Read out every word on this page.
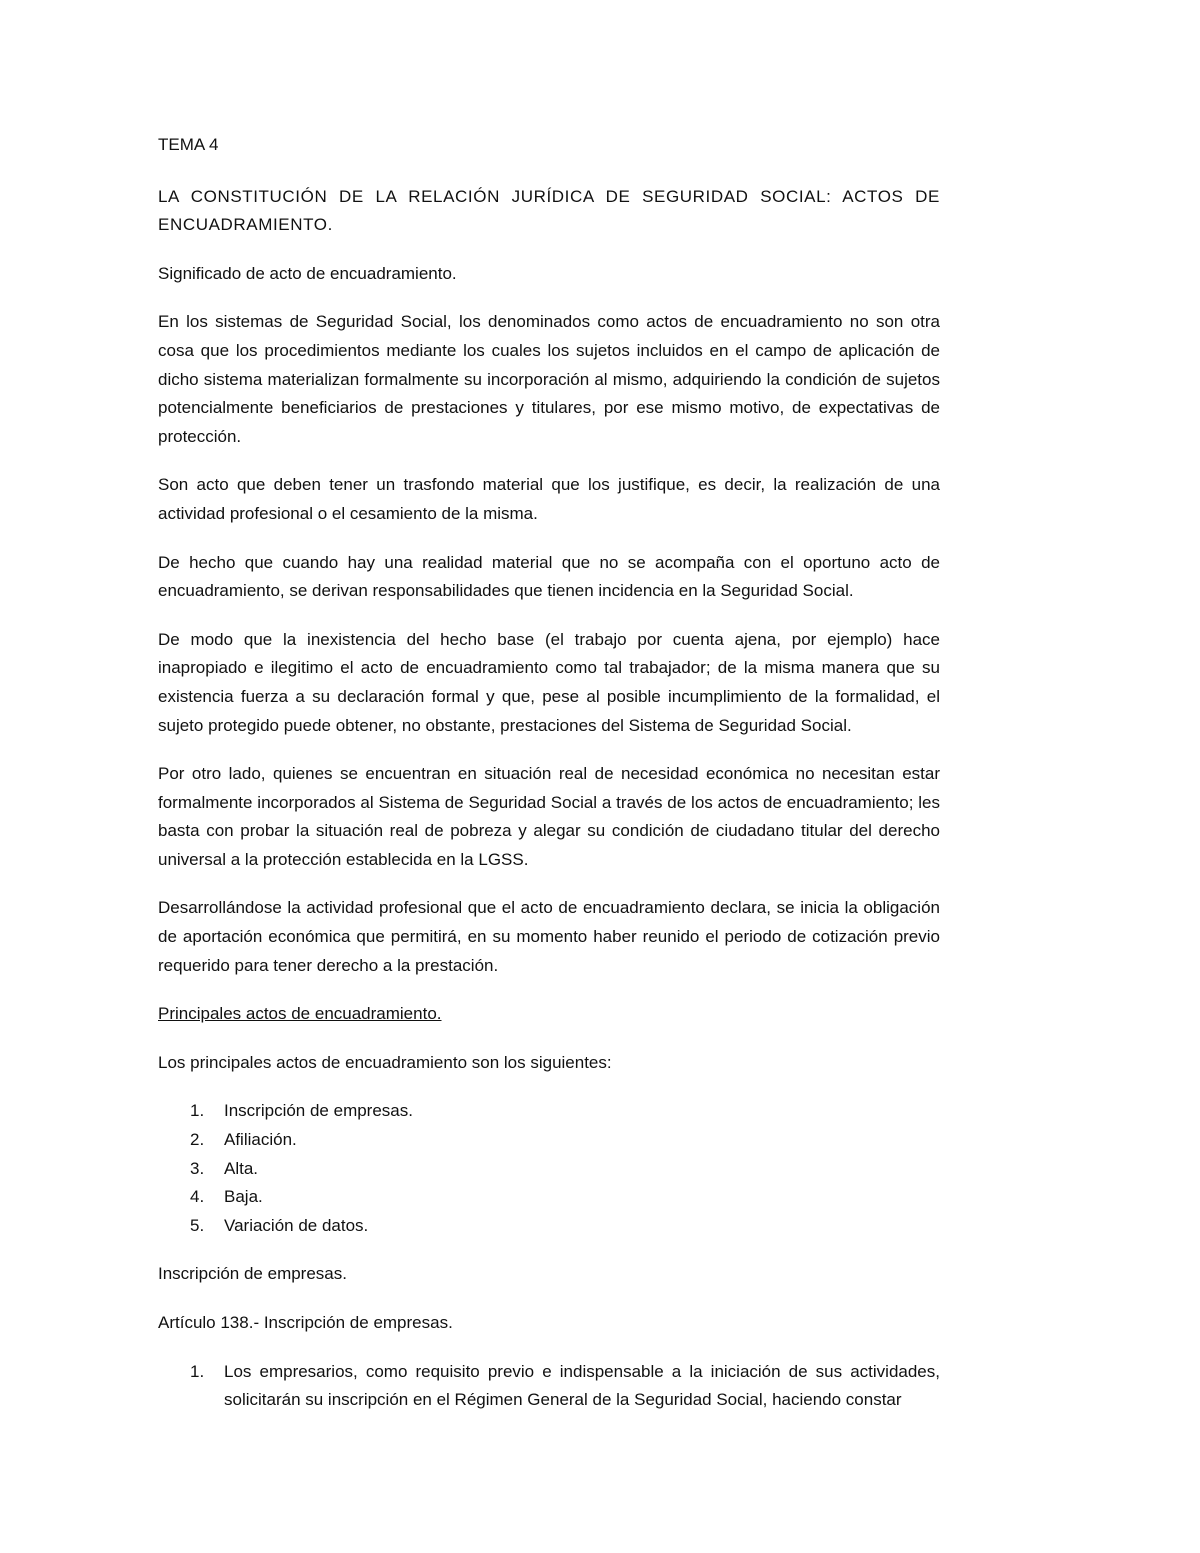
TEMA 4

LA CONSTITUCIÓN DE LA RELACIÓN JURÍDICA DE SEGURIDAD SOCIAL: ACTOS DE ENCUADRAMIENTO.

Significado de acto de encuadramiento.

En los sistemas de Seguridad Social, los denominados como actos de encuadramiento no son otra cosa que los procedimientos mediante los cuales los sujetos incluidos en el campo de aplicación de dicho sistema materializan formalmente su incorporación al mismo, adquiriendo la condición de sujetos potencialmente beneficiarios de prestaciones y titulares, por ese mismo motivo, de expectativas de protección.

Son acto que deben tener un trasfondo material que los justifique, es decir, la realización de una actividad profesional o el cesamiento de la misma.

De hecho que cuando hay una realidad material que no se acompaña con el oportuno acto de encuadramiento, se derivan responsabilidades que tienen incidencia en la Seguridad Social.

De modo que la inexistencia del hecho base (el trabajo por cuenta ajena, por ejemplo) hace inapropiado e ilegitimo el acto de encuadramiento como tal trabajador; de la misma manera que su existencia fuerza a su declaración formal y que, pese al posible incumplimiento de la formalidad, el sujeto protegido puede obtener, no obstante, prestaciones del Sistema de Seguridad Social.

Por otro lado, quienes se encuentran en situación real de necesidad económica no necesitan estar formalmente incorporados al Sistema de Seguridad Social a través de los actos de encuadramiento; les basta con probar la situación real de pobreza y alegar su condición de ciudadano titular del derecho universal a la protección establecida en la LGSS.

Desarrollándose la actividad profesional que el acto de encuadramiento declara, se inicia la obligación de aportación económica que permitirá, en su momento haber reunido el periodo de cotización previo requerido para tener derecho a la prestación.

Principales actos de encuadramiento.

Los principales actos de encuadramiento son los siguientes:

1. Inscripción de empresas.
2. Afiliación.
3. Alta.
4. Baja.
5. Variación de datos.

Inscripción de empresas.

Artículo 138.- Inscripción de empresas.

1. Los empresarios, como requisito previo e indispensable a la iniciación de sus actividades, solicitarán su inscripción en el Régimen General de la Seguridad Social, haciendo constar
